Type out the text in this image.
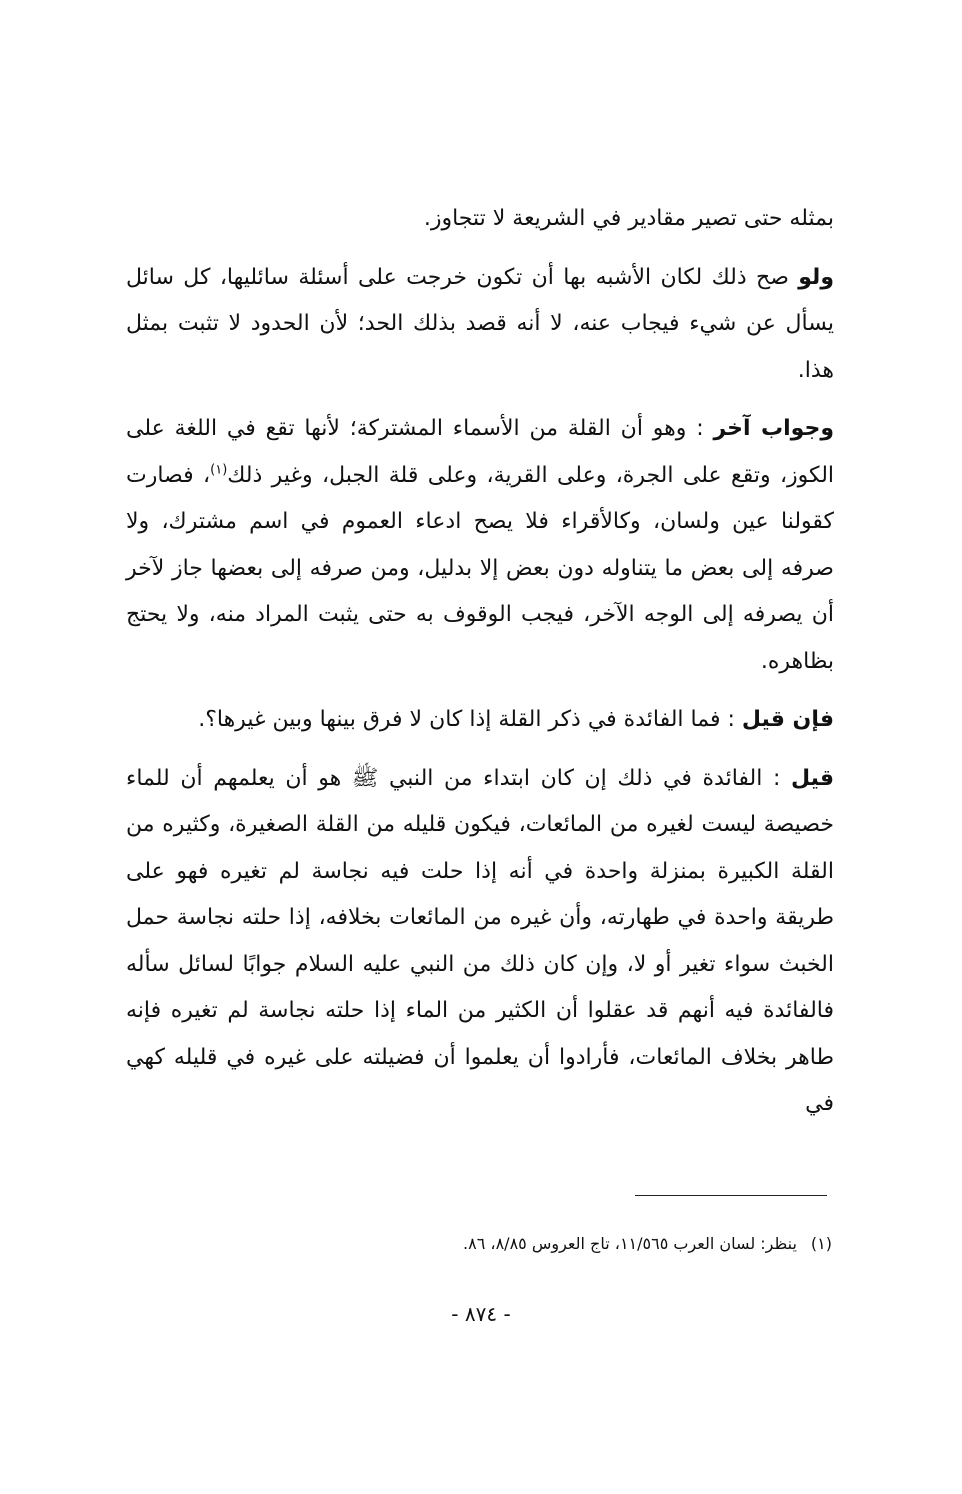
بمثله حتى تصير مقادير في الشريعة لا تتجاوز.

ولو صح ذلك لكان الأشبه بها أن تكون خرجت على أسئلة سائليها، كل سائل يسأل عن شيء فيجاب عنه، لا أنه قصد بذلك الحد؛ لأن الحدود لا تثبت بمثل هذا.

وجواب آخر : وهو أن القلة من الأسماء المشتركة؛ لأنها تقع في اللغة على الكوز، وتقع على الجرة، وعلى القرية، وعلى قلة الجبل، وغير ذلك$^{(١)}$، فصارت كقولنا عين ولسان، وكالأقراء فلا يصح ادعاء العموم في اسم مشترك، ولا صرفه إلى بعض ما يتناوله دون بعض إلا بدليل، ومن صرفه إلى بعضها جاز لآخر أن يصرفه إلى الوجه الآخر، فيجب الوقوف به حتى يثبت المراد منه، ولا يحتج بظاهره.

فإن قيل : فما الفائدة في ذكر القلة إذا كان لا فرق بينها وبين غيرها؟.

قيل : الفائدة في ذلك إن كان ابتداء من النبي ﷺ هو أن يعلمهم أن للماء خصيصة ليست لغيره من المائعات، فيكون قليله من القلة الصغيرة، وكثيره من القلة الكبيرة بمنزلة واحدة في أنه إذا حلت فيه نجاسة لم تغيره فهو على طريقة واحدة في طهارته، وأن غيره من المائعات بخلافه، إذا حلته نجاسة حمل الخبث سواء تغير أو لا، وإن كان ذلك من النبي عليه السلام جوابًا لسائل سأله فالفائدة فيه أنهم قد عقلوا أن الكثير من الماء إذا حلته نجاسة لم تغيره فإنه طاهر بخلاف المائعات، فأرادوا أن يعلموا أن فضيلته على غيره في قليله كهي في

(١)ينظر: لسان العرب ١١/٥٦٥، تاج العروس ٨/٨٥، ٨٦.
- ٨٧٤ -
